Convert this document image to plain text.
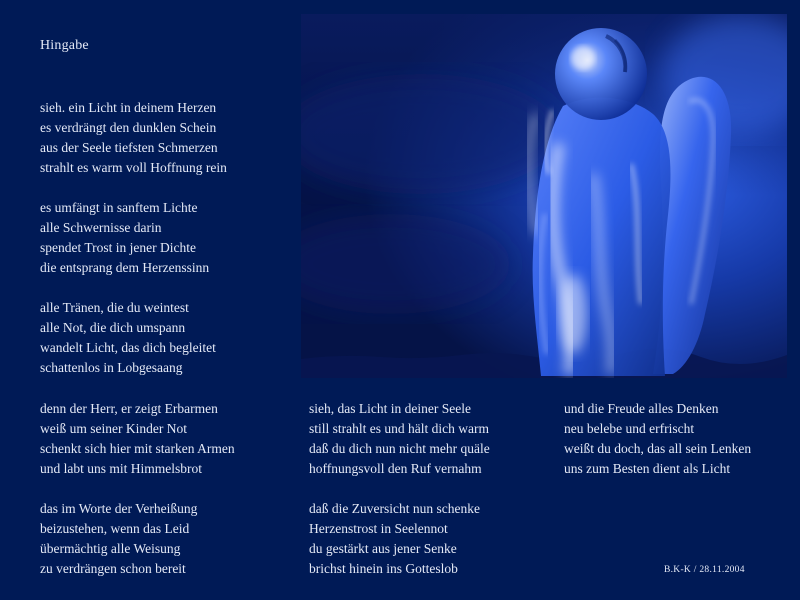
Hingabe
sieh. ein Licht in deinem Herzen
es verdrängt den dunklen Schein
aus der Seele tiefsten Schmerzen
strahlt es warm voll Hoffnung rein
es umfängt in sanftem Lichte
alle Schwernisse darin
spendet Trost in jener Dichte
die entsprang dem Herzenssinn
alle Tränen, die du weintest
alle Not, die dich umspann
wandelt Licht, das dich begleitet
schattenlos in Lobgesaang
denn der Herr, er zeigt Erbarmen
weiß um seiner Kinder Not
schenkt sich hier mit starken Armen
und labt uns mit Himmelsbrot
das im Worte der Verheißung
beizustehen, wenn das Leid
übermächtig alle Weisung
zu verdrängen schon bereit
sieh, das Licht in deiner Seele
still strahlt es und hält dich warm
daß du dich nun nicht mehr quäle
hoffnungsvoll den Ruf vernahm
daß die Zuversicht nun schenke
Herzenstrost in Seelennot
du gestärkt aus jener Senke
brichst hinein ins Gotteslob
und die Freude alles Denken
neu belebe und erfrischt
weißt du doch, das all sein Lenken
uns zum Besten dient als Licht
B.K-K / 28.11.2004
